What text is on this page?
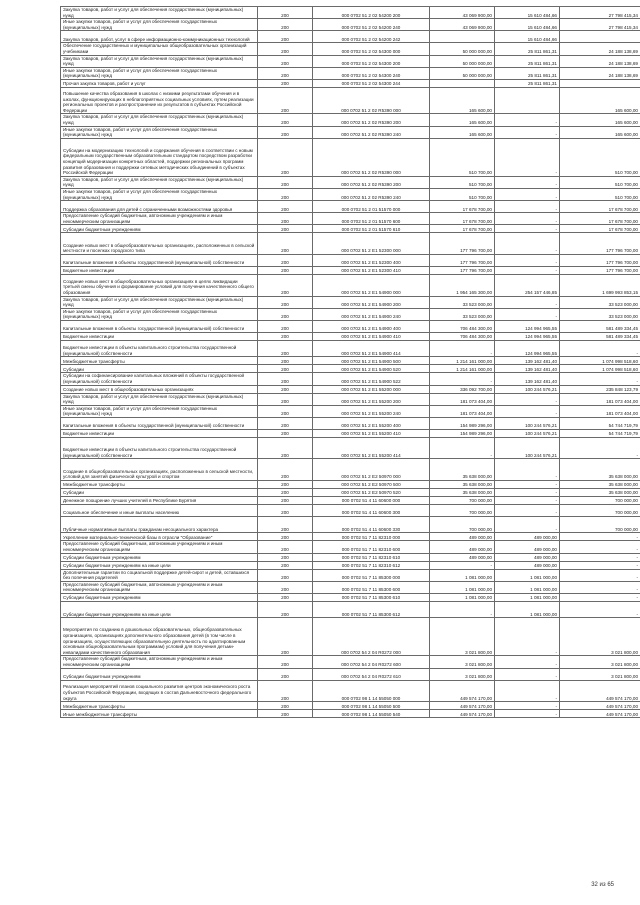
Закупка товаров, работ и услуг для обеспечения государственных (муниципальных) нужд	200	000 0702 51 2 02 54200 200	43 069 900,00	15 610 484,66	27 798 415,34
Иные закупки товаров, работ и услуг для обеспечения государственных (муниципальных) нужд	200	000 0702 51 2 02 54200 240	43 069 900,00	15 610 484,66	27 798 415,34
Закупка товаров, работ, услуг в сфере информационно-коммуникационных технологий	200	000 0702 51 2 02 54200 242		15 610 484,66	
Обеспечение государственных и муниципальных общеобразовательных организаций учебниками	200	000 0702 51 2 02 54300 000	50 000 000,00	25 811 861,31	24 188 138,69
Закупка товаров, работ и услуг для обеспечения государственных (муниципальных) нужд	200	000 0702 51 2 02 54300 200	50 000 000,00	25 811 861,31	24 188 138,69
Иные закупки товаров, работ и услуг для обеспечения государственных (муниципальных) нужд	200	000 0702 51 2 02 54300 240	50 000 000,00	25 811 861,31	24 188 138,69
Прочая закупка товаров, работ и услуг	200	000 0702 51 2 02 54300 244		25 811 861,31	
Повышение качества образования в школах с низкими результатами обучения и в школах, функционирующих в неблагоприятных социальных условиях, путем реализации региональных проектов и распространение их результатов в субъектах Российской Федерации	200	000 0702 51 2 02 R5390 000	165 600,00		165 600,00
Закупка товаров, работ и услуг для обеспечения государственных (муниципальных) нужд	200	000 0702 51 2 02 R5390 200	165 600,00	-	165 600,00
Иные закупки товаров, работ и услуг для обеспечения государственных (муниципальных) нужд	200	000 0702 51 2 02 R5390 240	165 600,00	-	165 600,00
Субсидии на модернизацию технологий и содержания обучения в соответствии с новым федеральным государственным образовательным стандартом посредством разработки концепций модернизации конкретных областей, поддержки региональных программ развития образования и поддержки сетевых методических объединений в субъектах Российской Федерации	200	000 0702 51 2 02 R5390 000	510 700,00	-	510 700,00
Закупка товаров, работ и услуг для обеспечения государственных (муниципальных) нужд	200	000 0702 51 2 02 R5390 200	510 700,00	-	510 700,00
Иные закупки товаров, работ и услуг для обеспечения государственных (муниципальных) нужд	200	000 0702 51 2 02 R5390 240	510 700,00	-	510 700,00
Поддержка образования для детей с ограниченными возможностями здоровья	200	000 0702 51 2 01 51570 000	17 678 700,00	-	17 678 700,00
Предоставление субсидий бюджетным, автономным учреждениям и иным некоммерческим организациям	200	000 0702 51 2 01 51570 600	17 678 700,00	-	17 678 700,00
Субсидии бюджетным учреждениям	200	000 0702 51 2 01 51570 610	17 678 700,00	-	17 678 700,00
Создание новых мест в общеобразовательных организациях, расположенных в сельской местности и поселках городского типа	200	000 0702 51 2 E1 52300 000	177 796 700,00	-	177 796 700,00
Капитальные вложения в объекты государственной (муниципальной) собственности	200	000 0702 51 2 E1 52300 400	177 796 700,00	-	177 796 700,00
Бюджетные инвестиции	200	000 0702 51 2 E1 52300 410	177 796 700,00	-	177 796 700,00
Создание новых мест в общеобразовательных организациях в целях ликвидации третьей смены обучения и формирование условий для получения качественного общего образования	200	000 0702 51 2 E1 54900 000	1 954 165 300,00	254 157 446,85	1 699 993 853,15
Закупка товаров, работ и услуг для обеспечения государственных (муниципальных) нужд	200	000 0702 51 2 E1 54900 200	33 523 000,00	-	33 523 000,00
Иные закупки товаров, работ и услуг для обеспечения государственных (муниципальных) нужд	200	000 0702 51 2 E1 54900 240	33 523 000,00	-	33 523 000,00
Капитальные вложения в объекты государственной (муниципальной) собственности	200	000 0702 51 2 E1 54900 400	706 484 300,00	124 994 965,55	581 489 334,45
Бюджетные инвестиции	200	000 0702 51 2 E1 54900 410	706 484 300,00	124 994 965,55	581 489 334,45
Бюджетные инвестиции в объекты капитального строительства государственной (муниципальной) собственности	200	000 0702 51 2 E1 54900 414	-	124 994 965,55	-
Межбюджетные трансферты	200	000 0702 51 2 E1 54900 500	1 214 161 000,00	139 162 481,40	1 074 998 518,60
Субсидии	200	000 0702 51 2 E1 54900 520	1 214 161 000,00	139 162 481,40	1 074 998 518,60
Субсидии на софинансирование капитальных вложений в объекты государственной (муниципальной) собственности	200	000 0702 51 2 E1 54900 522	-	139 162 481,40	-
Создание новых мест в общеобразовательных организациях	200	000 0702 51 2 E1 55200 000	336 092 700,00	100 244 576,21	235 848 123,79
Закупка товаров, работ и услуг для обеспечения государственных (муниципальных) нужд	200	000 0702 51 2 E1 55200 200	181 073 404,00	-	181 073 404,00
Иные закупки товаров, работ и услуг для обеспечения государственных (муниципальных) нужд	200	000 0702 51 2 E1 55200 240	181 073 404,00	-	181 073 404,00
Капитальные вложения в объекты государственной (муниципальной) собственности	200	000 0702 51 2 E1 55200 400	154 989 296,00	100 244 576,21	54 744 719,79
Бюджетные инвестиции	200	000 0702 51 2 E1 55200 410	154 989 296,00	100 244 576,21	54 744 719,79
Бюджетные инвестиции в объекты капитального строительства государственной (муниципальной) собственности	200	000 0702 51 2 E1 55200 414	-	100 244 576,21	-
Создание в общеобразовательных организациях, расположенных в сельской местности, условий для занятий физической культурой и спортом	200	000 0702 51 2 E2 50970 000	35 638 000,00	-	35 638 000,00
Межбюджетные трансферты	200	000 0702 51 2 E2 50970 500	35 638 000,00	-	35 638 000,00
Субсидии	200	000 0702 51 2 E2 50970 520	35 638 000,00	-	35 638 000,00
Денежное поощрение лучших учителей в Республике Бурятия	200	000 0702 51 4 11 60600 000	700 000,00	-	700 000,00
Социальное обеспечение и иные выплаты населению	200	000 0702 51 4 11 60600 300	700 000,00	-	700 000,00
Публичные нормативные выплаты гражданам несоциального характера	200	000 0702 51 4 11 60600 330	700 000,00	-	700 000,00
Укрепление материально-технической базы в отрасли "Образование"	200	000 0702 51 7 11 82310 000	489 000,00	489 000,00	-
Предоставление субсидий бюджетным, автономным учреждениям и иным некоммерческим организациям	200	000 0702 51 7 11 82310 600	489 000,00	489 000,00	-
Субсидии бюджетным учреждениям	200	000 0702 51 7 11 82310 610	489 000,00	489 000,00	-
Субсидии бюджетным учреждениям на иные цели	200	000 0702 51 7 11 82310 612	-	489 000,00	-
Дополнительные гарантии по социальной поддержке детей-сирот и детей, оставшихся без попечения родителей	200	000 0702 51 7 11 85300 000	1 081 000,00	1 081 000,00	-
Предоставление субсидий бюджетным, автономным учреждениям и иным некоммерческим организациям	200	000 0702 51 7 11 85300 600	1 081 000,00	1 081 000,00	-
Субсидии бюджетным учреждениям	200	000 0702 51 7 11 85300 610	1 081 000,00	1 081 000,00	-
Субсидии бюджетным учреждениям на иные цели	200	000 0702 51 7 11 85300 612	-	1 081 000,00	-
Мероприятия по созданию в дошкольных образовательных, общеобразовательных организациях, организациях дополнительного образования детей (в том числе в организациях, осуществляющих образовательную деятельность по адаптированным основным общеобразовательным программам) условий для получения детьми-инвалидами качественного образования	200	000 0702 54 2 04 R0272 000	3 021 800,00	-	3 021 800,00
Предоставление субсидий бюджетным, автономным учреждениям и иным некоммерческим организациям	200	000 0702 54 2 04 R0272 600	3 021 800,00	-	3 021 800,00
Субсидии бюджетным учреждениям	200	000 0702 54 2 04 R0272 610	3 021 800,00	-	3 021 800,00
Реализация мероприятий планов социального развития центров экономического роста субъектов Российской Федерации, входящих в состав Дальневосточного федерального округа	200	000 0702 98 1 14 55050 000	449 574 170,00	-	449 574 170,00
Межбюджетные трансферты	200	000 0702 98 1 14 55050 500	449 574 170,00	-	449 574 170,00
Иные межбюджетные трансферты	200	000 0702 98 1 14 55050 540	449 574 170,00	-	449 574 170,00
32 из 65
